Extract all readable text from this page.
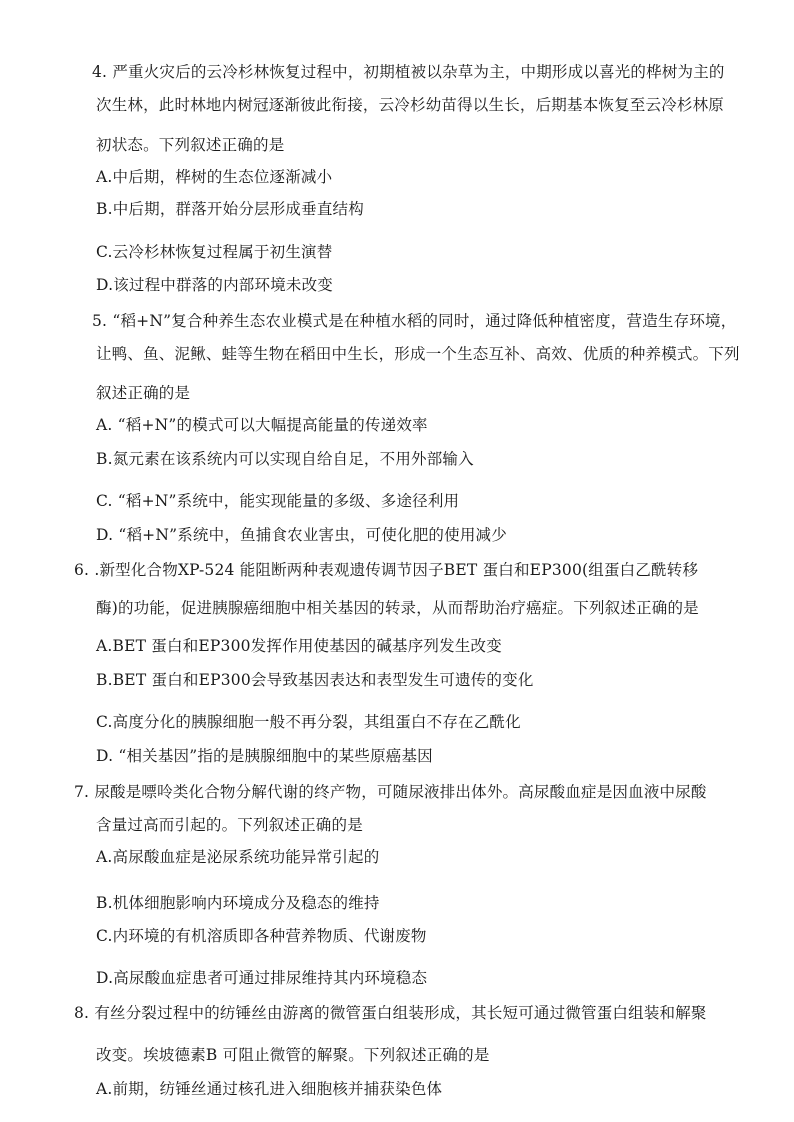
4. 严重火灾后的云冷杉林恢复过程中，初期植被以杂草为主，中期形成以喜光的桦树为主的
次生林，此时林地内树冠逐渐彼此衔接，云冷杉幼苗得以生长，后期基本恢复至云冷杉林原
初状态。下列叙述正确的是
A.中后期，桦树的生态位逐渐减小
B.中后期，群落开始分层形成垂直结构
C.云冷杉林恢复过程属于初生演替
D.该过程中群落的内部环境未改变
5. “稻+N”复合种养生态农业模式是在种植水稻的同时，通过降低种植密度，营造生存环境，
让鸭、鱼、泥鳅、蛙等生物在稻田中生长，形成一个生态互补、高效、优质的种养模式。下列
叙述正确的是
A. “稻+N”的模式可以大幅提高能量的传递效率
B.氮元素在该系统内可以实现自给自足，不用外部输入
C. “稻+N”系统中，能实现能量的多级、多途径利用
D. “稻+N”系统中，鱼捕食农业害虫，可使化肥的使用减少
6. .新型化合物XP-524 能阻断两种表观遗传调节因子BET 蛋白和EP300(组蛋白乙酰转移
酶)的功能，促进胰腺癌细胞中相关基因的转录，从而帮助治疗癌症。下列叙述正确的是
A.BET 蛋白和EP300发挥作用使基因的碱基序列发生改变
B.BET 蛋白和EP300会导致基因表达和表型发生可遗传的变化
C.高度分化的胰腺细胞一般不再分裂，其组蛋白不存在乙酰化
D. “相关基因”指的是胰腺细胞中的某些原癌基因
7. 尿酸是嘌呤类化合物分解代谢的终产物，可随尿液排出体外。高尿酸血症是因血液中尿酸
含量过高而引起的。下列叙述正确的是
A.高尿酸血症是泌尿系统功能异常引起的
B.机体细胞影响内环境成分及稳态的维持
C.内环境的有机溶质即各种营养物质、代谢废物
D.高尿酸血症患者可通过排尿维持其内环境稳态
8. 有丝分裂过程中的纺锤丝由游离的微管蛋白组装形成，其长短可通过微管蛋白组装和解聚
改变。埃坡德素B 可阻止微管的解聚。下列叙述正确的是
A.前期，纺锤丝通过核孔进入细胞核并捕获染色体
